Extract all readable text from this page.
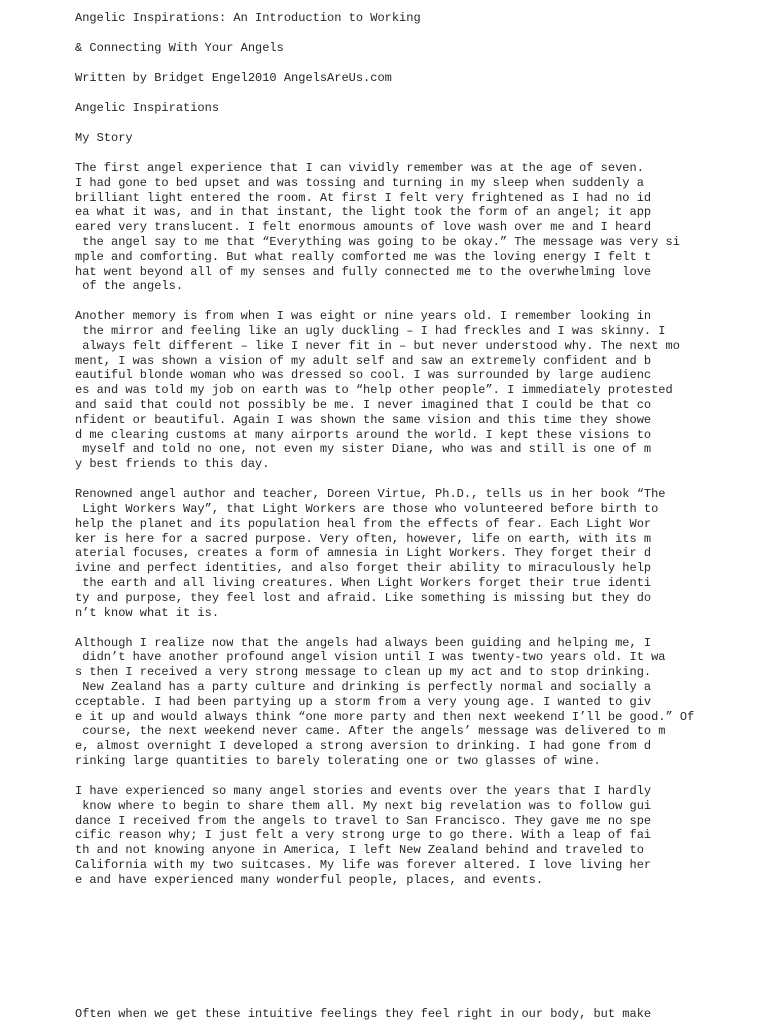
Angelic Inspirations: An Introduction to Working
& Connecting With Your Angels
Written by Bridget Engel2010 AngelsAreUs.com
Angelic Inspirations
My Story
The first angel experience that I can vividly remember was at the age of seven.
I had gone to bed upset and was tossing and turning in my sleep when suddenly a
brilliant light entered the room. At first I felt very frightened as I had no id
ea what it was, and in that instant, the light took the form of an angel; it app
eared very translucent. I felt enormous amounts of love wash over me and I heard
the angel say to me that “Everything was going to be okay.” The message was very si
mple and comforting. But what really comforted me was the loving energy I felt t
hat went beyond all of my senses and fully connected me to the overwhelming love
of the angels.
Another memory is from when I was eight or nine years old. I remember looking in
the mirror and feeling like an ugly duckling – I had freckles and I was skinny. I
always felt different – like I never fit in – but never understood why. The next mo
ment, I was shown a vision of my adult self and saw an extremely confident and b
eautiful blonde woman who was dressed so cool. I was surrounded by large audienc
es and was told my job on earth was to “help other people”. I immediately protested
and said that could not possibly be me. I never imagined that I could be that co
nfident or beautiful. Again I was shown the same vision and this time they showe
d me clearing customs at many airports around the world. I kept these visions to
myself and told no one, not even my sister Diane, who was and still is one of m
y best friends to this day.
Renowned angel author and teacher, Doreen Virtue, Ph.D., tells us in her book “The
Light Workers Way”, that Light Workers are those who volunteered before birth to
help the planet and its population heal from the effects of fear. Each Light Wor
ker is here for a sacred purpose. Very often, however, life on earth, with its m
aterial focuses, creates a form of amnesia in Light Workers. They forget their d
ivine and perfect identities, and also forget their ability to miraculously help
the earth and all living creatures. When Light Workers forget their true identi
ty and purpose, they feel lost and afraid. Like something is missing but they do
n’t know what it is.
Although I realize now that the angels had always been guiding and helping me, I
didn’t have another profound angel vision until I was twenty-two years old. It wa
s then I received a very strong message to clean up my act and to stop drinking.
New Zealand has a party culture and drinking is perfectly normal and socially a
cceptable. I had been partying up a storm from a very young age. I wanted to giv
e it up and would always think “one more party and then next weekend I’ll be good.” Of
course, the next weekend never came. After the angels’ message was delivered to m
e, almost overnight I developed a strong aversion to drinking. I had gone from d
rinking large quantities to barely tolerating one or two glasses of wine.
I have experienced so many angel stories and events over the years that I hardly
know where to begin to share them all. My next big revelation was to follow gui
dance I received from the angels to travel to San Francisco. They gave me no spe
cific reason why; I just felt a very strong urge to go there. With a leap of fai
th and not knowing anyone in America, I left New Zealand behind and traveled to
California with my two suitcases. My life was forever altered. I love living her
e and have experienced many wonderful people, places, and events.
Often when we get these intuitive feelings they feel right in our body, but make
